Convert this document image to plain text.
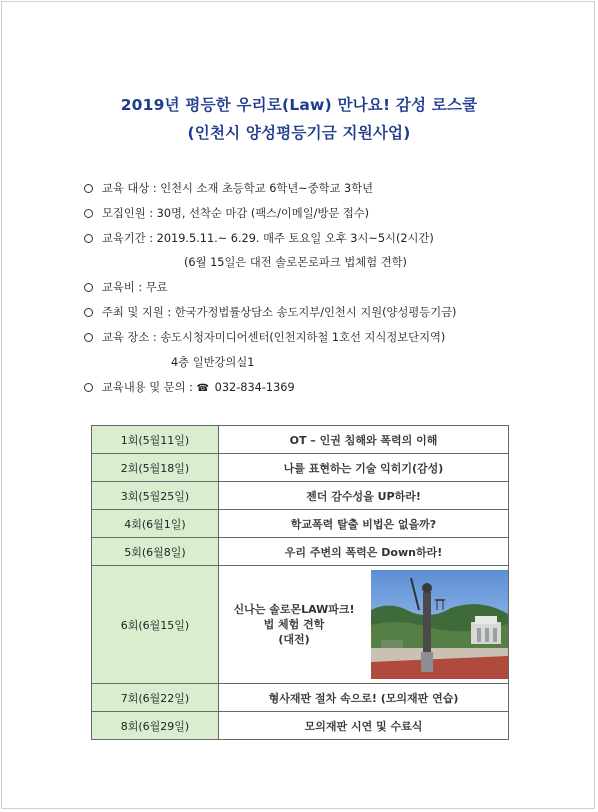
2019년 평등한 우리로(Law) 만나요! 감성 로스쿨
(인천시 양성평등기금 지원사업)
교육 대상 : 인천시 소재 초등학교 6학년~중학교 3학년
모집인원 : 30명, 선착순 마감 (팩스/이메일/방문 접수)
교육기간 : 2019.5.11.~ 6.29. 매주 토요일 오후 3시~5시(2시간)
(6월 15일은 대전 솔로몬로파크 법체험 견학)
교육비 : 무료
주최 및 지원 : 한국가정법률상담소 송도지부/인천시 지원(양성평등기금)
교육 장소 : 송도시청자미디어센터(인천지하철 1호선 지식정보단지역)
4층 일반강의실1
교육내용 및 문의 : ☎ 032-834-1369
1회(5월11일)	OT – 인권 침해와 폭력의 이해
2회(5월18일)	나를 표현하는 기술 익히기(감성)
3회(5월25일)	젠더 감수성을 UP하라!
4회(6월1일)	학교폭력 탈출 비법은 없을까?
5회(6월8일)	우리 주변의 폭력은 Down하라!
6회(6월15일)	신나는 솔로몬LAW파크!
법 체험 견학
(대전)

7회(6월22일)	형사재판 절차 속으로! (모의재판 연습)
8회(6월29일)	모의재판 시연 및 수료식
